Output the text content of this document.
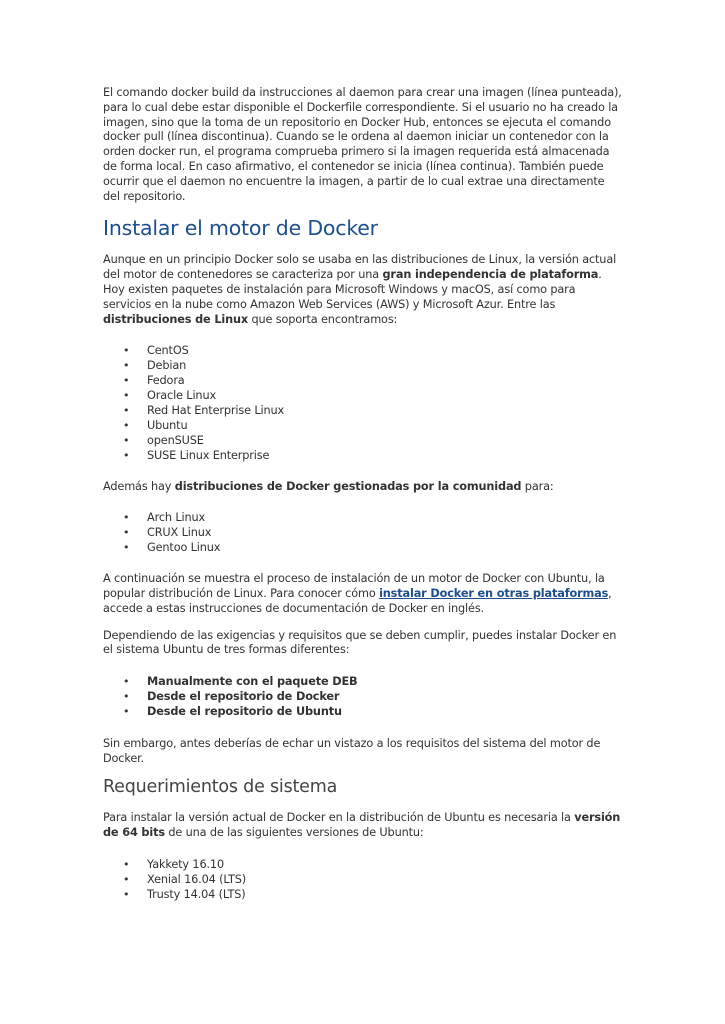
El comando docker build da instrucciones al daemon para crear una imagen (línea punteada), para lo cual debe estar disponible el Dockerfile correspondiente. Si el usuario no ha creado la imagen, sino que la toma de un repositorio en Docker Hub, entonces se ejecuta el comando docker pull (línea discontinua). Cuando se le ordena al daemon iniciar un contenedor con la orden docker run, el programa comprueba primero si la imagen requerida está almacenada de forma local. En caso afirmativo, el contenedor se inicia (línea continua). También puede ocurrir que el daemon no encuentre la imagen, a partir de lo cual extrae una directamente del repositorio.

Instalar el motor de Docker

Aunque en un principio Docker solo se usaba en las distribuciones de Linux, la versión actual del motor de contenedores se caracteriza por una gran independencia de plataforma. Hoy existen paquetes de instalación para Microsoft Windows y macOS, así como para servicios en la nube como Amazon Web Services (AWS) y Microsoft Azur. Entre las distribuciones de Linux que soporta encontramos:

• CentOS
• Debian
• Fedora
• Oracle Linux
• Red Hat Enterprise Linux
• Ubuntu
• openSUSE
• SUSE Linux Enterprise

Además hay distribuciones de Docker gestionadas por la comunidad para:

• Arch Linux
• CRUX Linux
• Gentoo Linux

A continuación se muestra el proceso de instalación de un motor de Docker con Ubuntu, la popular distribución de Linux. Para conocer cómo instalar Docker en otras plataformas, accede a estas instrucciones de documentación de Docker en inglés.

Dependiendo de las exigencias y requisitos que se deben cumplir, puedes instalar Docker en el sistema Ubuntu de tres formas diferentes:

• Manualmente con el paquete DEB
• Desde el repositorio de Docker
• Desde el repositorio de Ubuntu

Sin embargo, antes deberías de echar un vistazo a los requisitos del sistema del motor de Docker.

Requerimientos de sistema

Para instalar la versión actual de Docker en la distribución de Ubuntu es necesaria la versión de 64 bits de una de las siguientes versiones de Ubuntu:

• Yakkety 16.10
• Xenial 16.04 (LTS)
• Trusty 14.04 (LTS)
